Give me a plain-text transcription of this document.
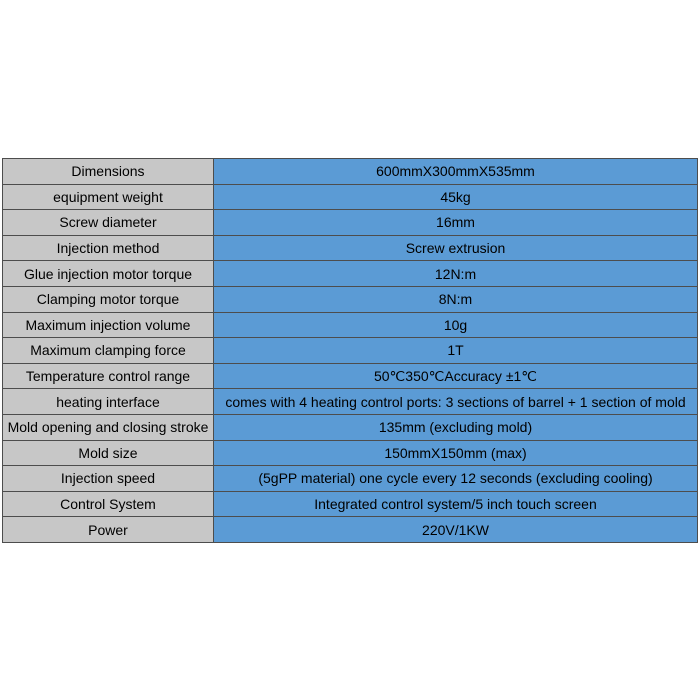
Dimensions	600mmX300mmX535mm
equipment weight	45kg
Screw diameter	16mm
Injection method	Screw extrusion
Glue injection motor torque	12N:m
Clamping motor torque	8N:m
Maximum injection volume	10g
Maximum clamping force	1T
Temperature control range	50℃350℃Accuracy ±1℃
heating interface	comes with 4 heating control ports: 3 sections of barrel + 1 section of mold
Mold opening and closing stroke	135mm (excluding mold)
Mold size	150mmX150mm (max)
Injection speed	(5gPP material) one cycle every 12 seconds (excluding cooling)
Control System	Integrated control system/5 inch touch screen
Power	220V/1KW
